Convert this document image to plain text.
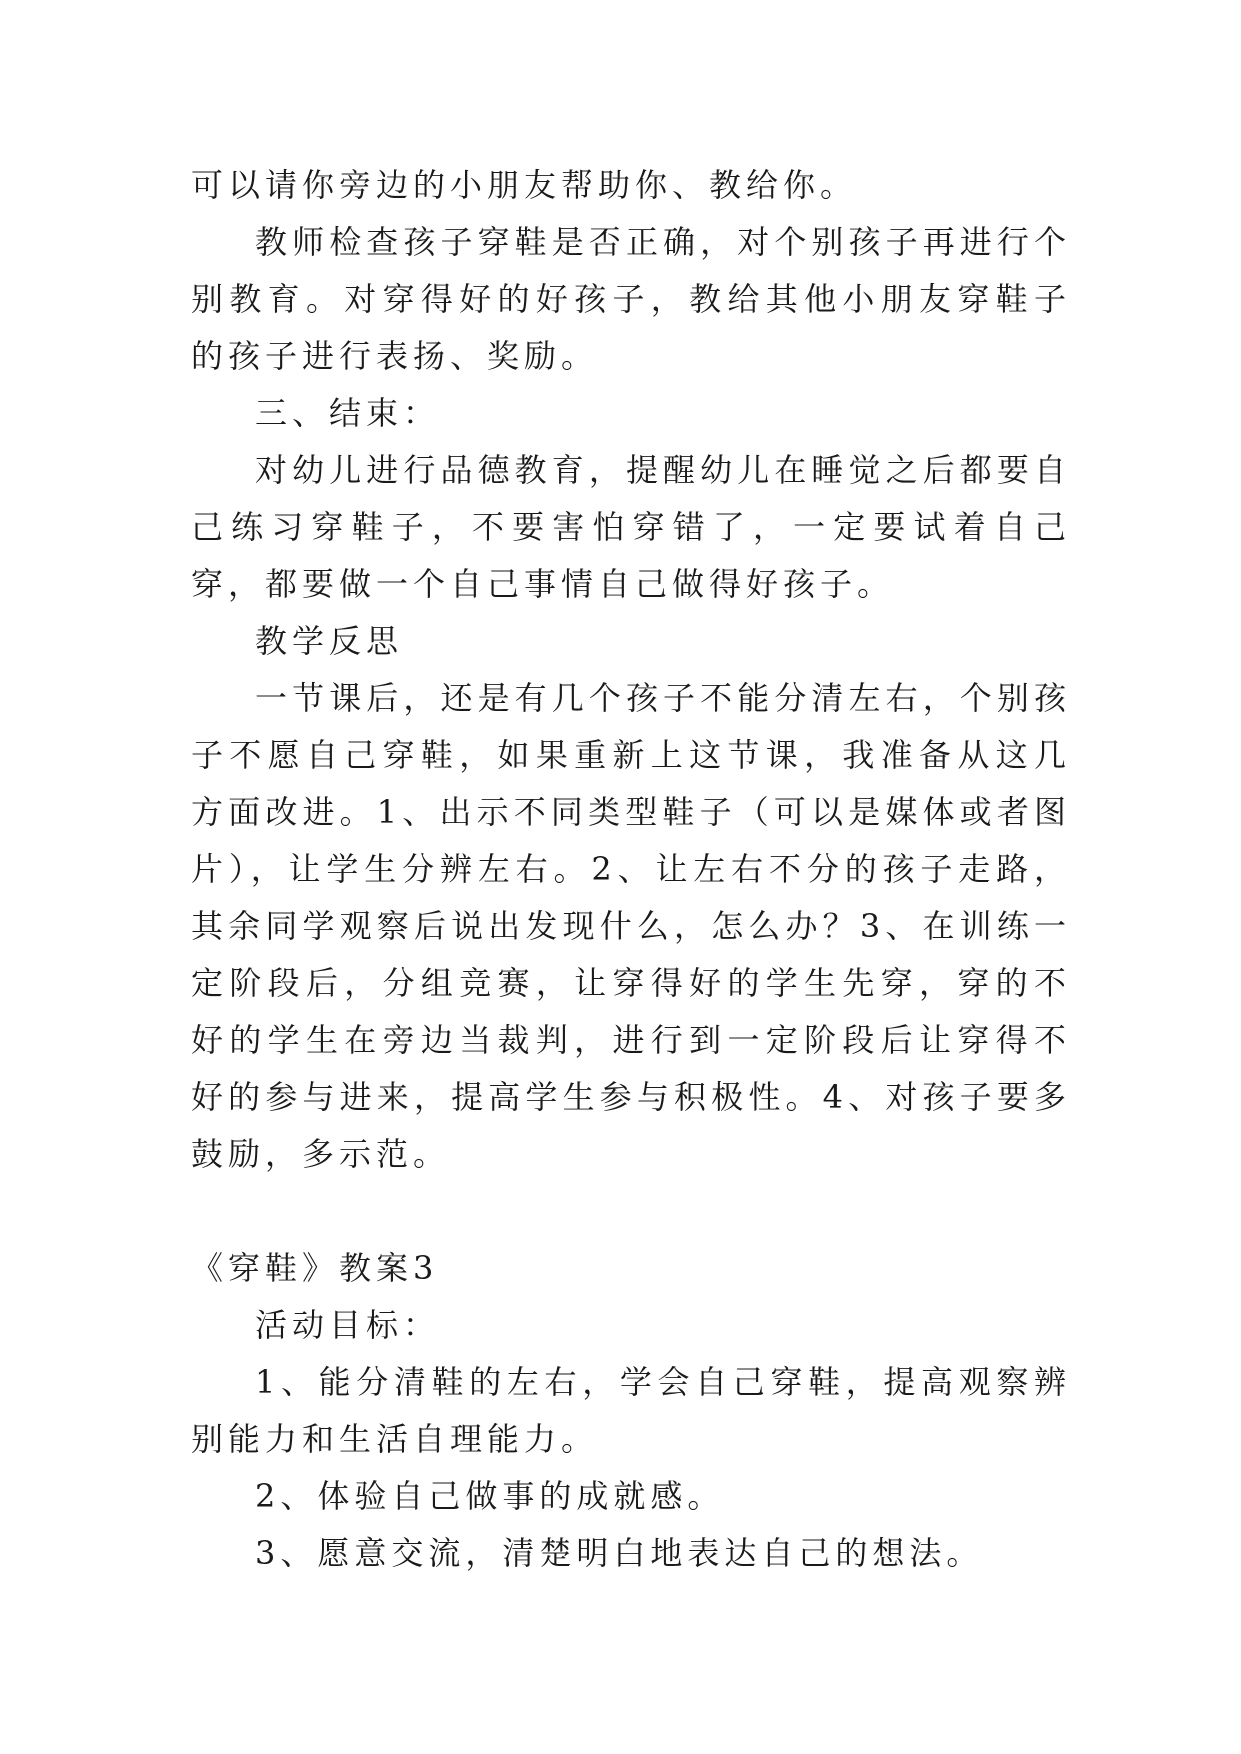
可以请你旁边的小朋友帮助你、教给你。

教师检查孩子穿鞋是否正确，对个别孩子再进行个别教育。对穿得好的好孩子，教给其他小朋友穿鞋子的孩子进行表扬、奖励。

三、结束：

对幼儿进行品德教育，提醒幼儿在睡觉之后都要自己练习穿鞋子，不要害怕穿错了，一定要试着自己穿，都要做一个自己事情自己做得好孩子。

教学反思

一节课后，还是有几个孩子不能分清左右，个别孩子不愿自己穿鞋，如果重新上这节课，我准备从这几方面改进。1、出示不同类型鞋子（可以是媒体或者图片），让学生分辨左右。2、让左右不分的孩子走路，其余同学观察后说出发现什么，怎么办？3、在训练一定阶段后，分组竞赛，让穿得好的学生先穿，穿的不好的学生在旁边当裁判，进行到一定阶段后让穿得不好的参与进来，提高学生参与积极性。4、对孩子要多鼓励，多示范。

《穿鞋》教案3

活动目标：

1、能分清鞋的左右，学会自己穿鞋，提高观察辨别能力和生活自理能力。

2、体验自己做事的成就感。

3、愿意交流，清楚明白地表达自己的想法。
